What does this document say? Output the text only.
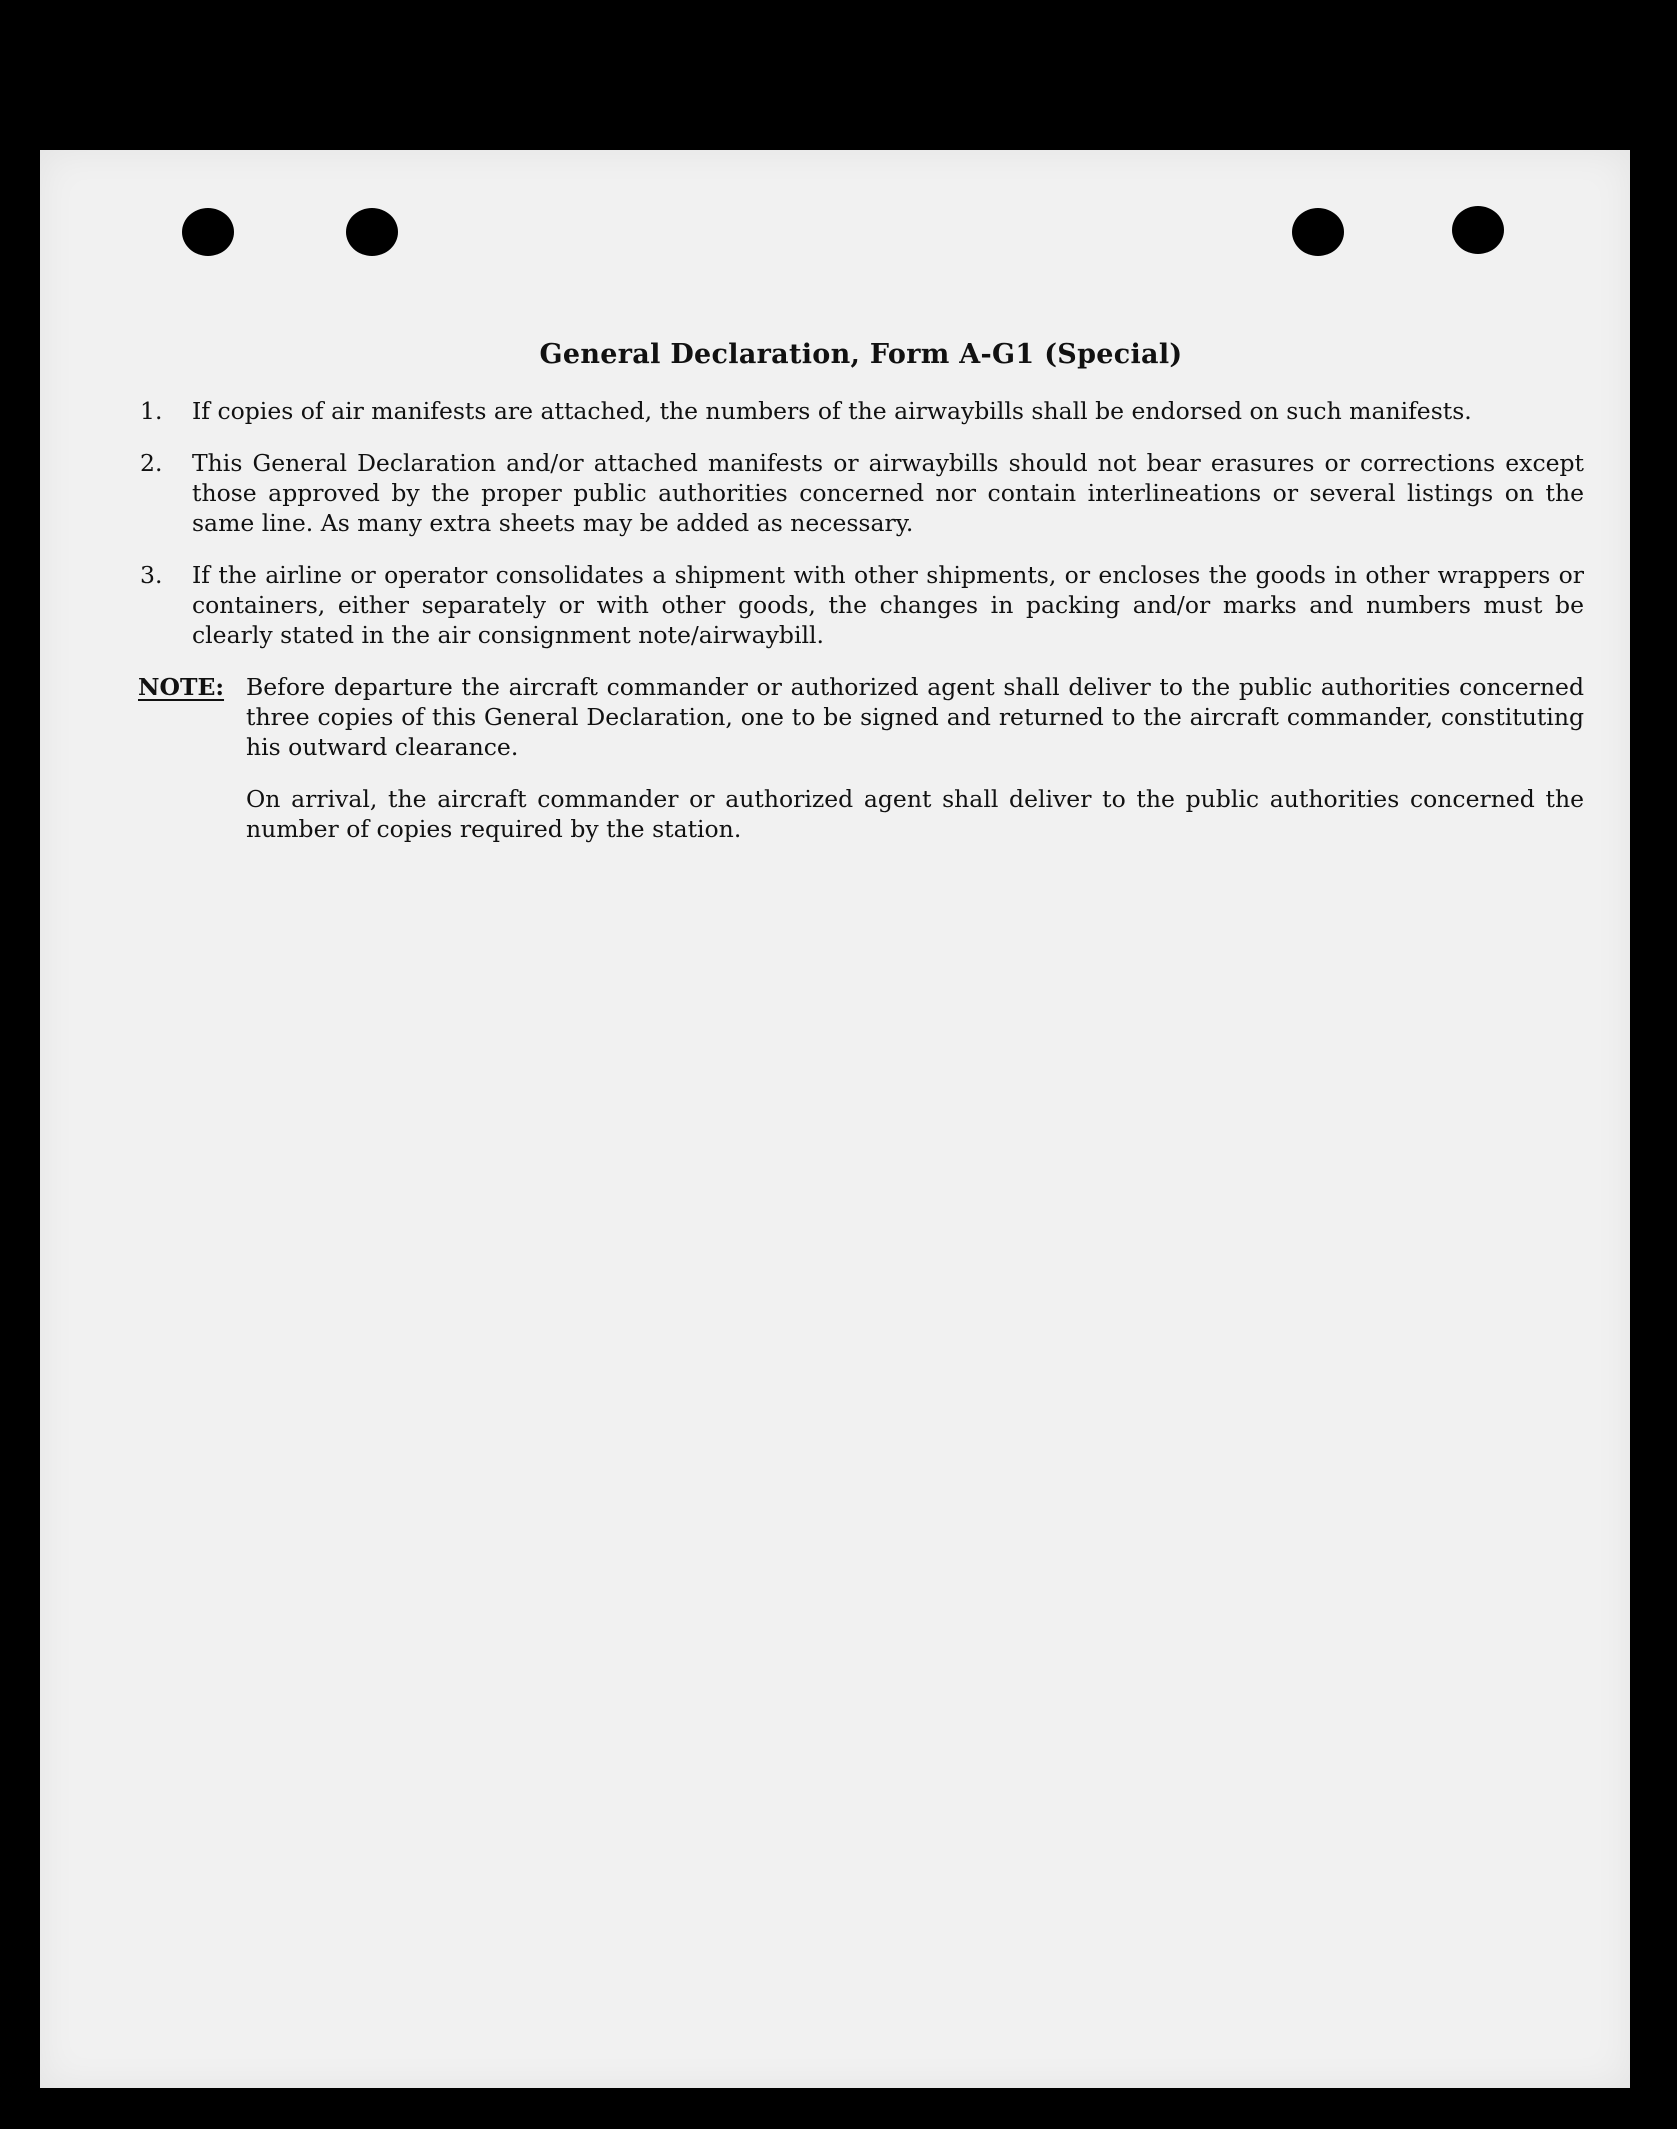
General Declaration, Form A-G1 (Special)
1.	If copies of air manifests are attached, the numbers of the airwaybills shall be endorsed on such manifests.
2.	This General Declaration and/or attached manifests or airwaybills should not bear erasures or corrections except those approved by the proper public authorities concerned nor contain interlineations or several listings on the same line. As many extra sheets may be added as necessary.
3.	If the airline or operator consolidates a shipment with other shipments, or encloses the goods in other wrappers or containers, either separately or with other goods, the changes in packing and/or marks and numbers must be clearly stated in the air consignment note/airwaybill.
NOTE: Before departure the aircraft commander or authorized agent shall deliver to the public authorities concerned three copies of this General Declaration, one to be signed and returned to the aircraft commander, constituting his outward clearance.

On arrival, the aircraft commander or authorized agent shall deliver to the public authorities concerned the number of copies required by the station.
